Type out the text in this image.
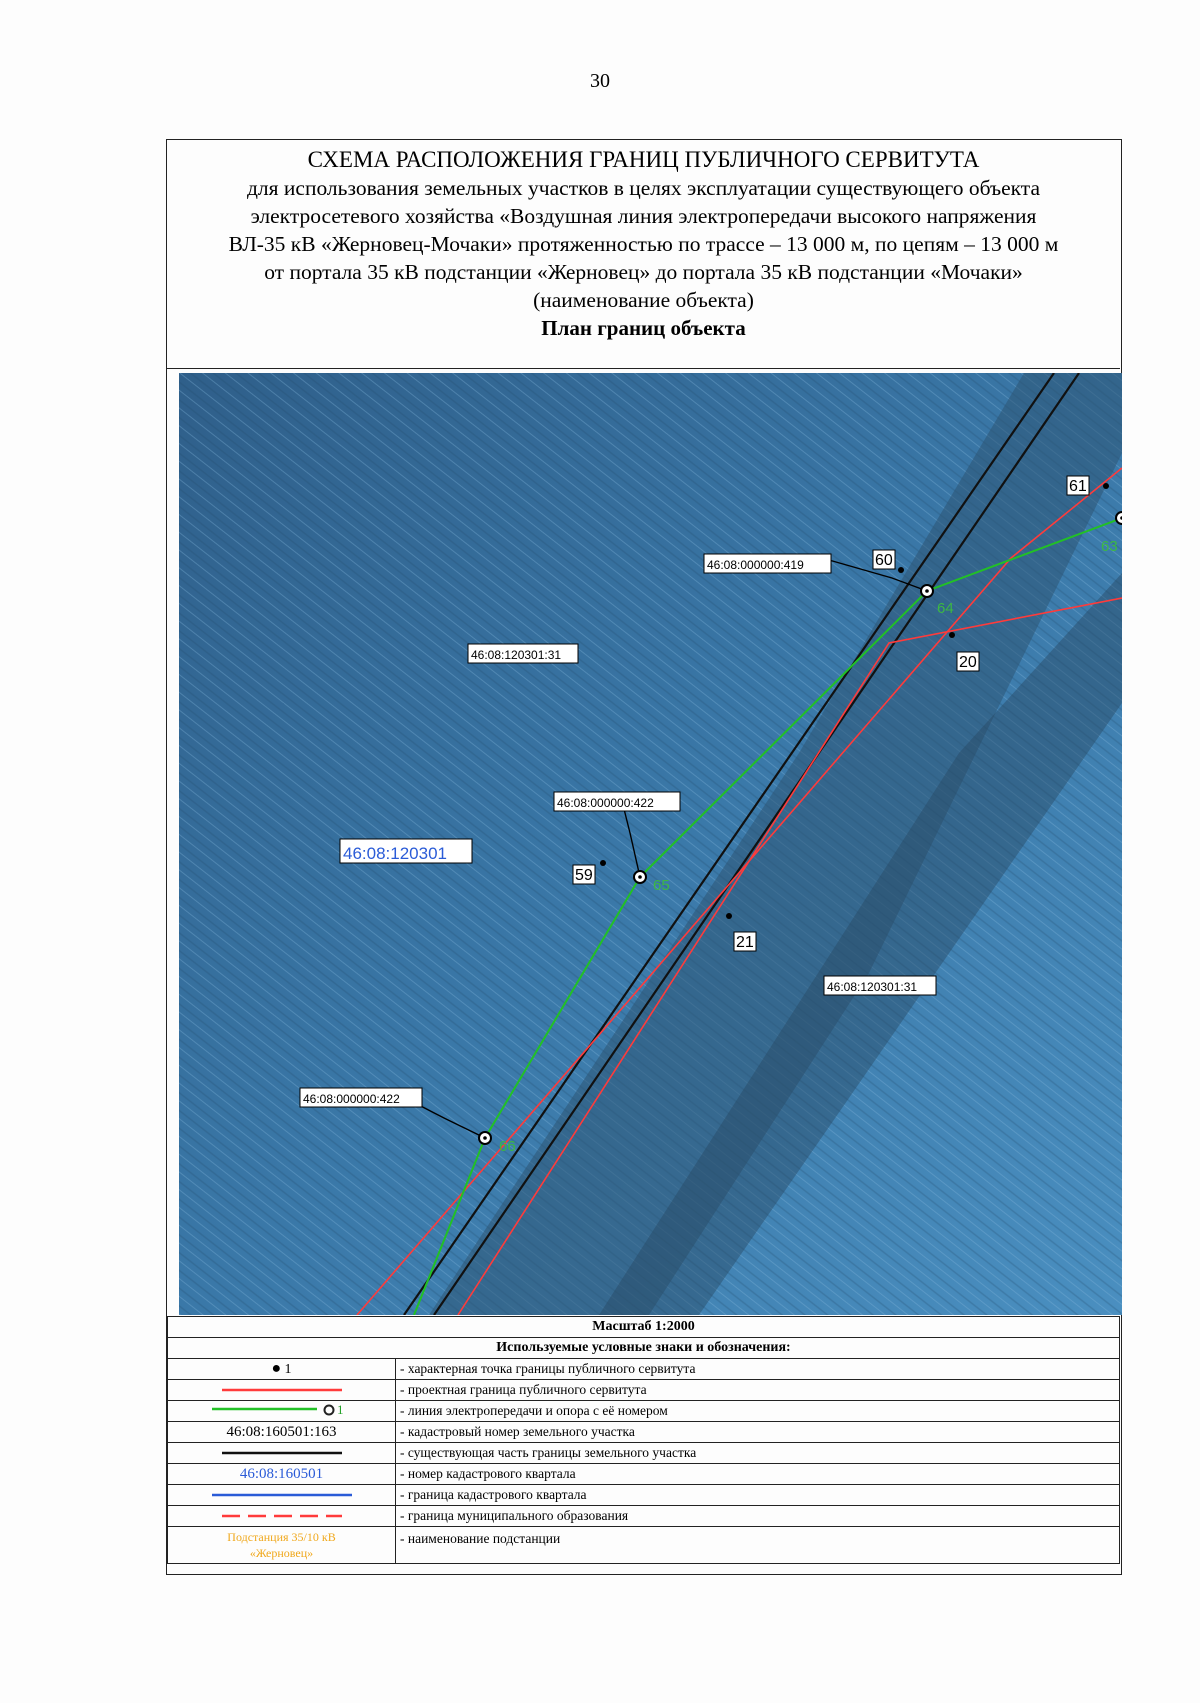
30
СХЕМА РАСПОЛОЖЕНИЯ ГРАНИЦ ПУБЛИЧНОГО СЕРВИТУТА
для использования земельных участков в целях эксплуатации существующего объекта
электросетевого хозяйства «Воздушная линия электропередачи высокого напряжения
ВЛ-35 кВ «Жерновец-Мочаки» протяженностью по трассе – 13 000 м, по цепям – 13 000 м
от портала 35 кВ подстанции «Жерновец» до портала 35 кВ подстанции «Мочаки»
(наименование объекта)
План границ объекта
61
60
20
59
21
63
64
65
66
46:08:000000:419
46:08:120301:31
46:08:000000:422
46:08:120301
46:08:120301:31
46:08:000000:422
Масштаб 1:2000	
Используемые условные знаки и обозначения:	
● 1	- характерная точка границы публичного сервитута
	- проектная граница публичного сервитута

1	- линия электропередачи и опора с её номером
46:08:160501:163	- кадастровый номер земельного участка
	- существующая часть границы земельного участка
46:08:160501	- номер кадастрового квартала
	- граница кадастрового квартала
	- граница муниципального образования

Подстанция 35/10 кВ
«Жерновец»	- наименование подстанции
